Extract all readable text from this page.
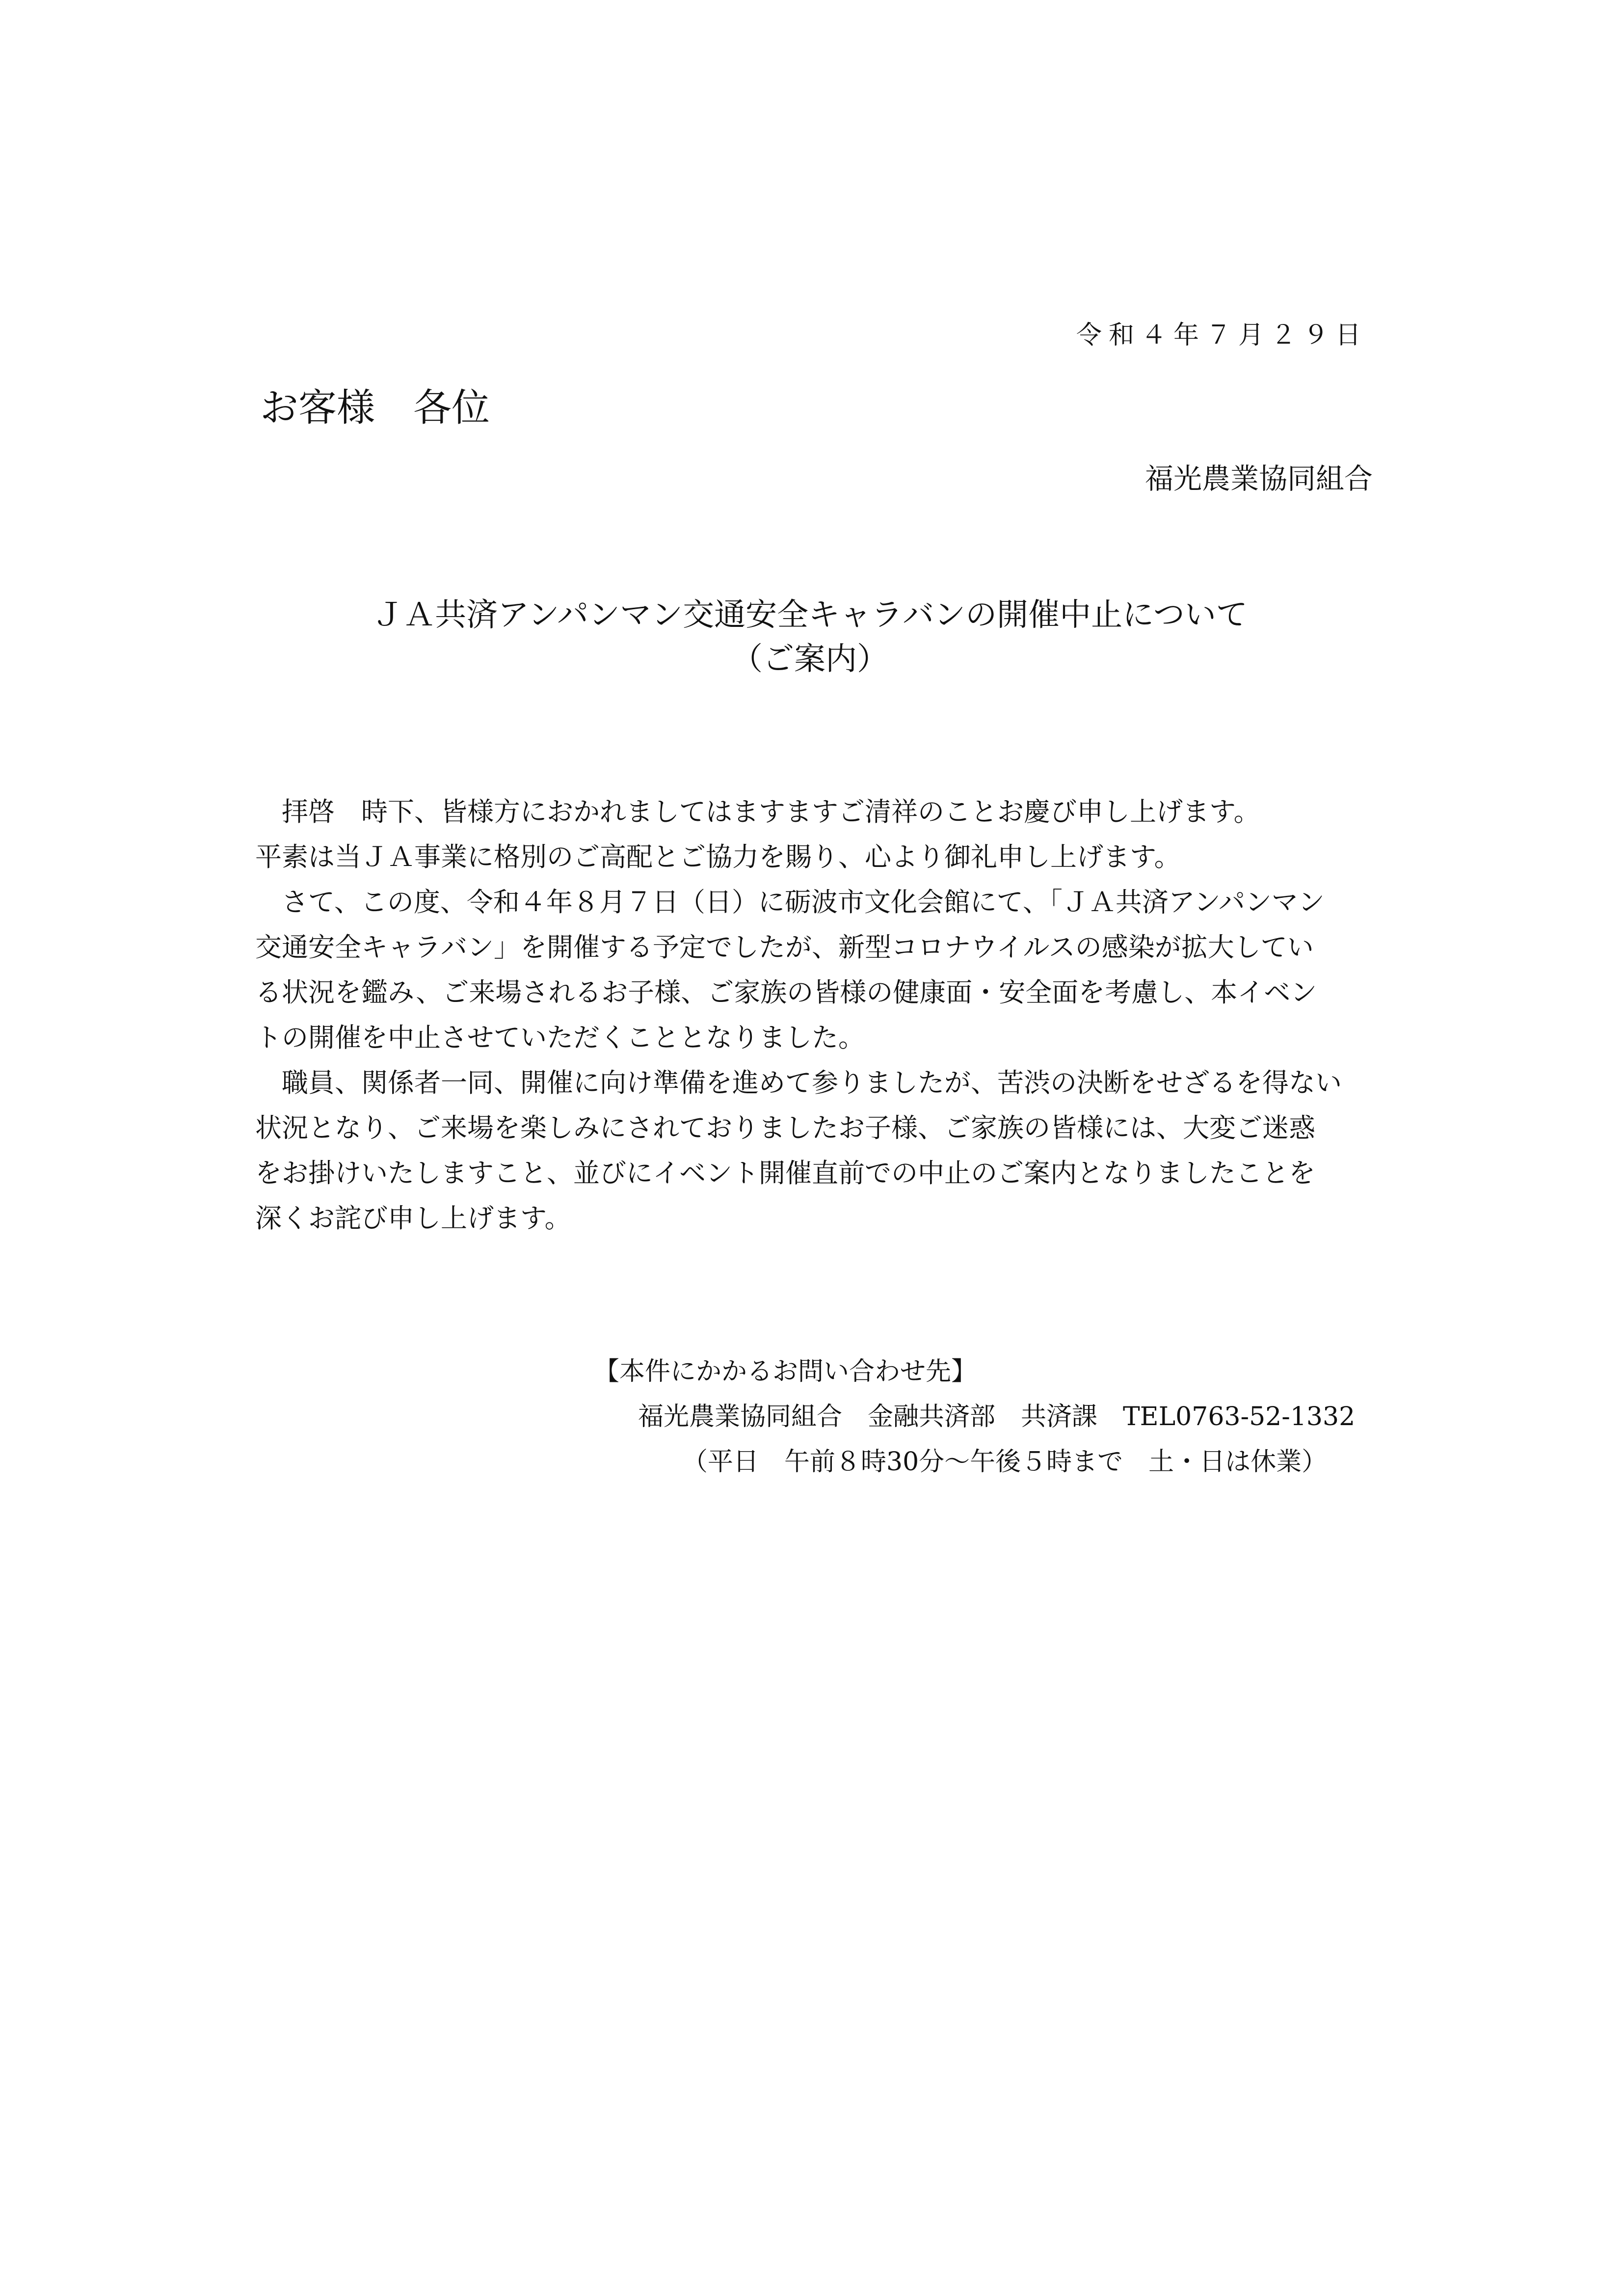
令和４年７月２９日
お客様　各位
福光農業協同組合
ＪＡ共済アンパンマン交通安全キャラバンの開催中止について
（ご案内）

　拝啓　時下、皆様方におかれましてはますますご清祥のことお慶び申し上げます。

平素は当ＪＡ事業に格別のご高配とご協力を賜り、心より御礼申し上げます。

　さて、この度、令和４年８月７日（日）に砺波市文化会館にて、「ＪＡ共済アンパンマン

交通安全キャラバン」を開催する予定でしたが、新型コロナウイルスの感染が拡大してい

る状況を鑑み、ご来場されるお子様、ご家族の皆様の健康面・安全面を考慮し、本イベン

トの開催を中止させていただくこととなりました。

　職員、関係者一同、開催に向け準備を進めて参りましたが、苦渋の決断をせざるを得ない

状況となり、ご来場を楽しみにされておりましたお子様、ご家族の皆様には、大変ご迷惑

をお掛けいたしますこと、並びにイベント開催直前での中止のご案内となりましたことを

深くお詫び申し上げます。

【本件にかかるお問い合わせ先】
福光農業協同組合　金融共済部　共済課　TEL0763-52-1332
（平日　午前８時30分～午後５時まで　土・日は休業）
